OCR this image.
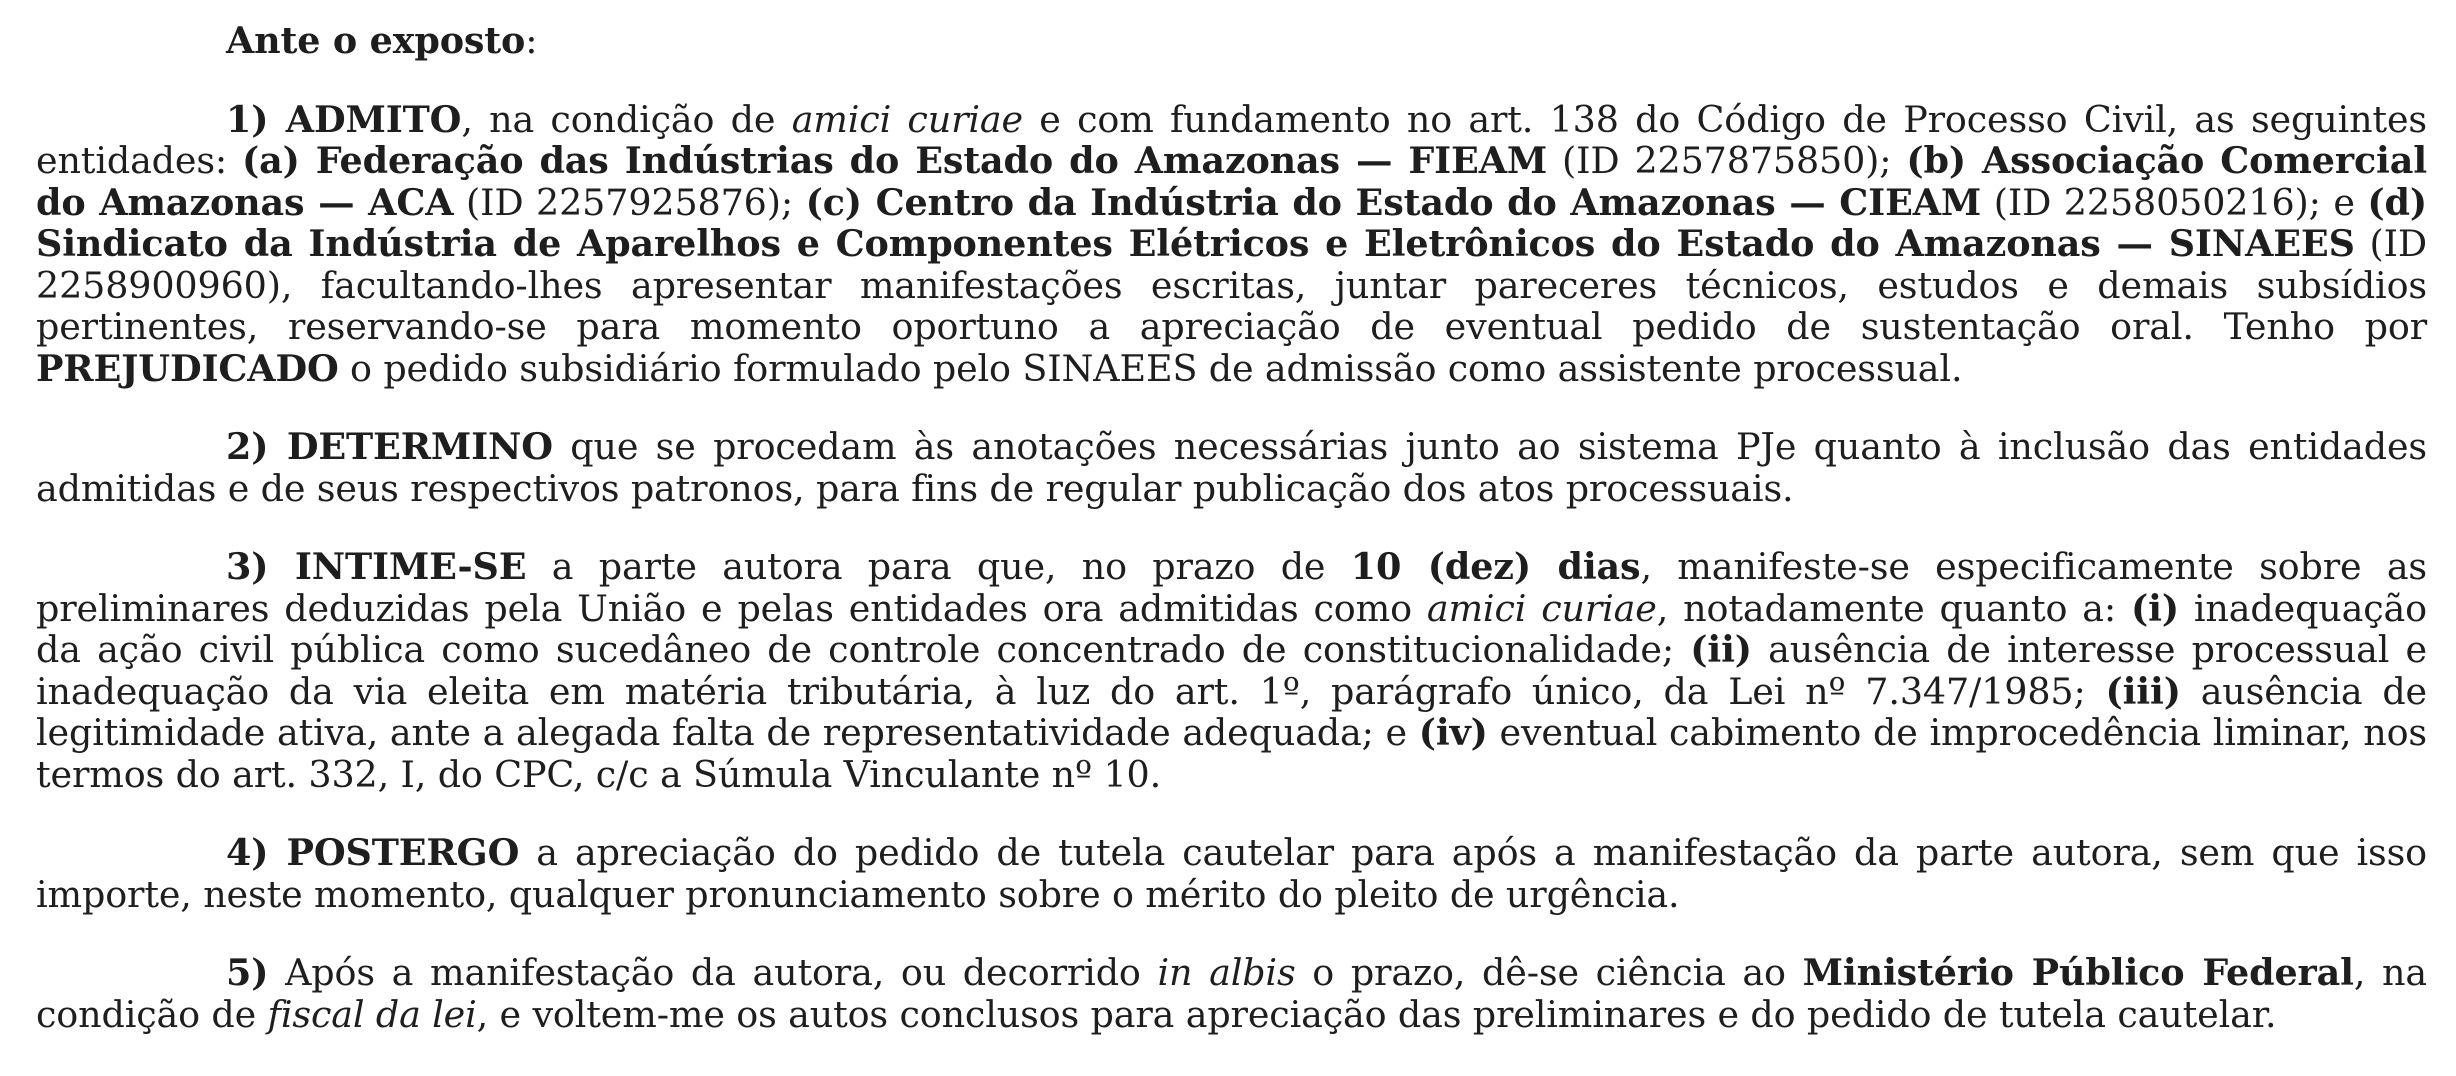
Ante o exposto:

1) ADMITO, na condição de amici curiae e com fundamento no art. 138 do Código de Processo Civil, as seguintes entidades: (a) Federação das Indústrias do Estado do Amazonas — FIEAM (ID 2257875850); (b) Associação Comercial do Amazonas — ACA (ID 2257925876); (c) Centro da Indústria do Estado do Amazonas — CIEAM (ID 2258050216); e (d) Sindicato da Indústria de Aparelhos e Componentes Elétricos e Eletrônicos do Estado do Amazonas — SINAEES (ID 2258900960), facultando-lhes apresentar manifestações escritas, juntar pareceres técnicos, estudos e demais subsídios pertinentes, reservando-se para momento oportuno a apreciação de eventual pedido de sustentação oral. Tenho por PREJUDICADO o pedido subsidiário formulado pelo SINAEES de admissão como assistente processual.

2) DETERMINO que se procedam às anotações necessárias junto ao sistema PJe quanto à inclusão das entidades admitidas e de seus respectivos patronos, para fins de regular publicação dos atos processuais.

3) INTIME-SE a parte autora para que, no prazo de 10 (dez) dias, manifeste-se especificamente sobre as preliminares deduzidas pela União e pelas entidades ora admitidas como amici curiae, notadamente quanto a: (i) inadequação da ação civil pública como sucedâneo de controle concentrado de constitucionalidade; (ii) ausência de interesse processual e inadequação da via eleita em matéria tributária, à luz do art. 1º, parágrafo único, da Lei nº 7.347/1985; (iii) ausência de legitimidade ativa, ante a alegada falta de representatividade adequada; e (iv) eventual cabimento de improcedência liminar, nos termos do art. 332, I, do CPC, c/c a Súmula Vinculante nº 10.

4) POSTERGO a apreciação do pedido de tutela cautelar para após a manifestação da parte autora, sem que isso importe, neste momento, qualquer pronunciamento sobre o mérito do pleito de urgência.

5) Após a manifestação da autora, ou decorrido in albis o prazo, dê-se ciência ao Ministério Público Federal, na condição de fiscal da lei, e voltem-me os autos conclusos para apreciação das preliminares e do pedido de tutela cautelar.
